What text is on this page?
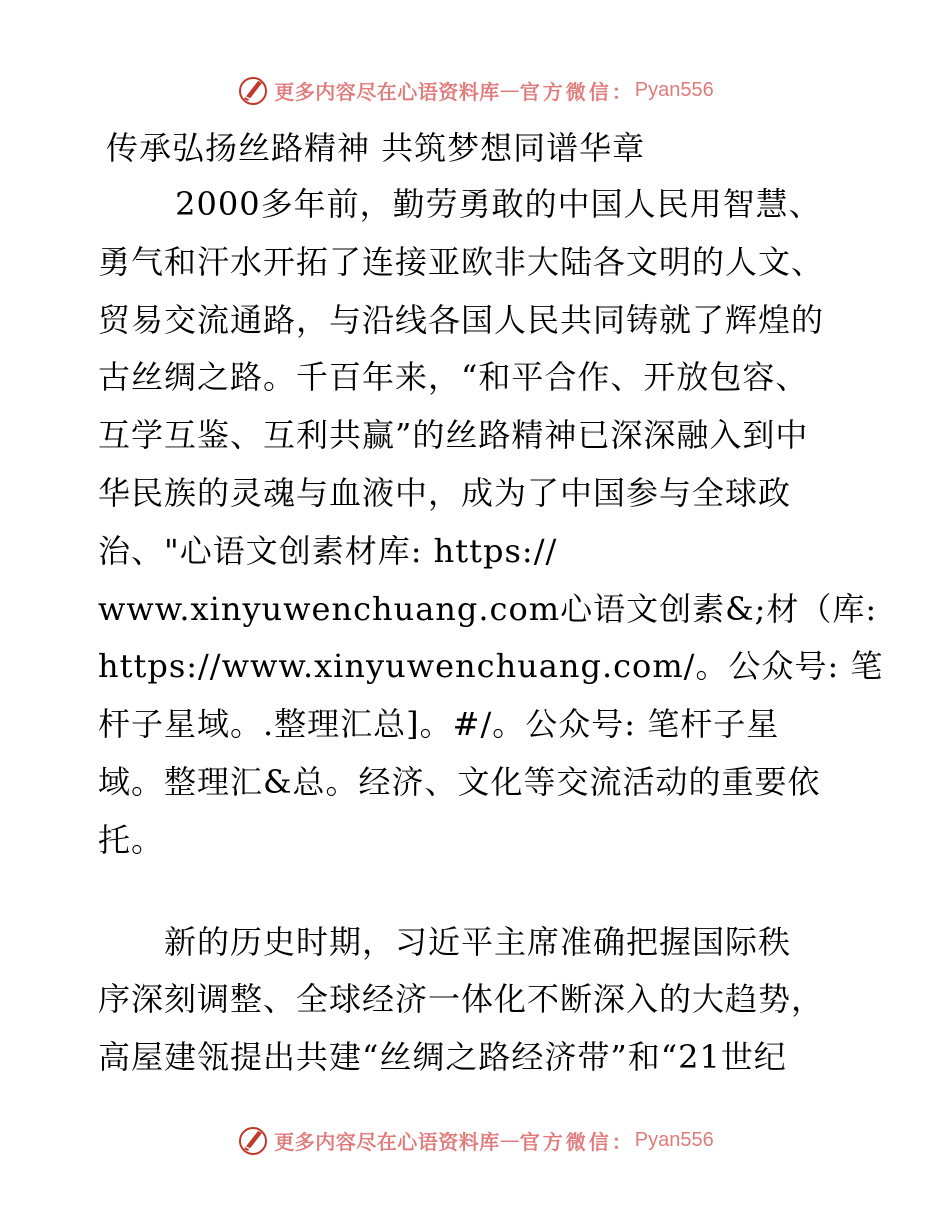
更多内容尽在心语资料库 — 官方微信： Pyan556
传承弘扬丝路精神 共筑梦想同谱华章
　　 2000多年前，勤劳勇敢的中国人民用智慧、
勇气和汗水开拓了连接亚欧非大陆各文明的人文、
贸易交流通路，与沿线各国人民共同铸就了辉煌的
古丝绸之路。千百年来，“和平合作、开放包容、
互学互鉴、互利共赢”的丝路精神已深深融入到中
华民族的灵魂与血液中，成为了中国参与全球政
治、"心语文创素材库: https://
www.xinyuwenchuang.com心语文创素&;材（库:
https://www.xinyuwenchuang.com/。公众号: 笔
杆子星域。.整理汇总]。#/。公众号: 笔杆子星
域。整理汇&总。经济、文化等交流活动的重要依
托。
　　新的历史时期，习近平主席准确把握国际秩
序深刻调整、全球经济一体化不断深入的大趋势，
高屋建瓴提出共建“丝绸之路经济带”和“21世纪
更多内容尽在心语资料库 — 官方微信： Pyan556
